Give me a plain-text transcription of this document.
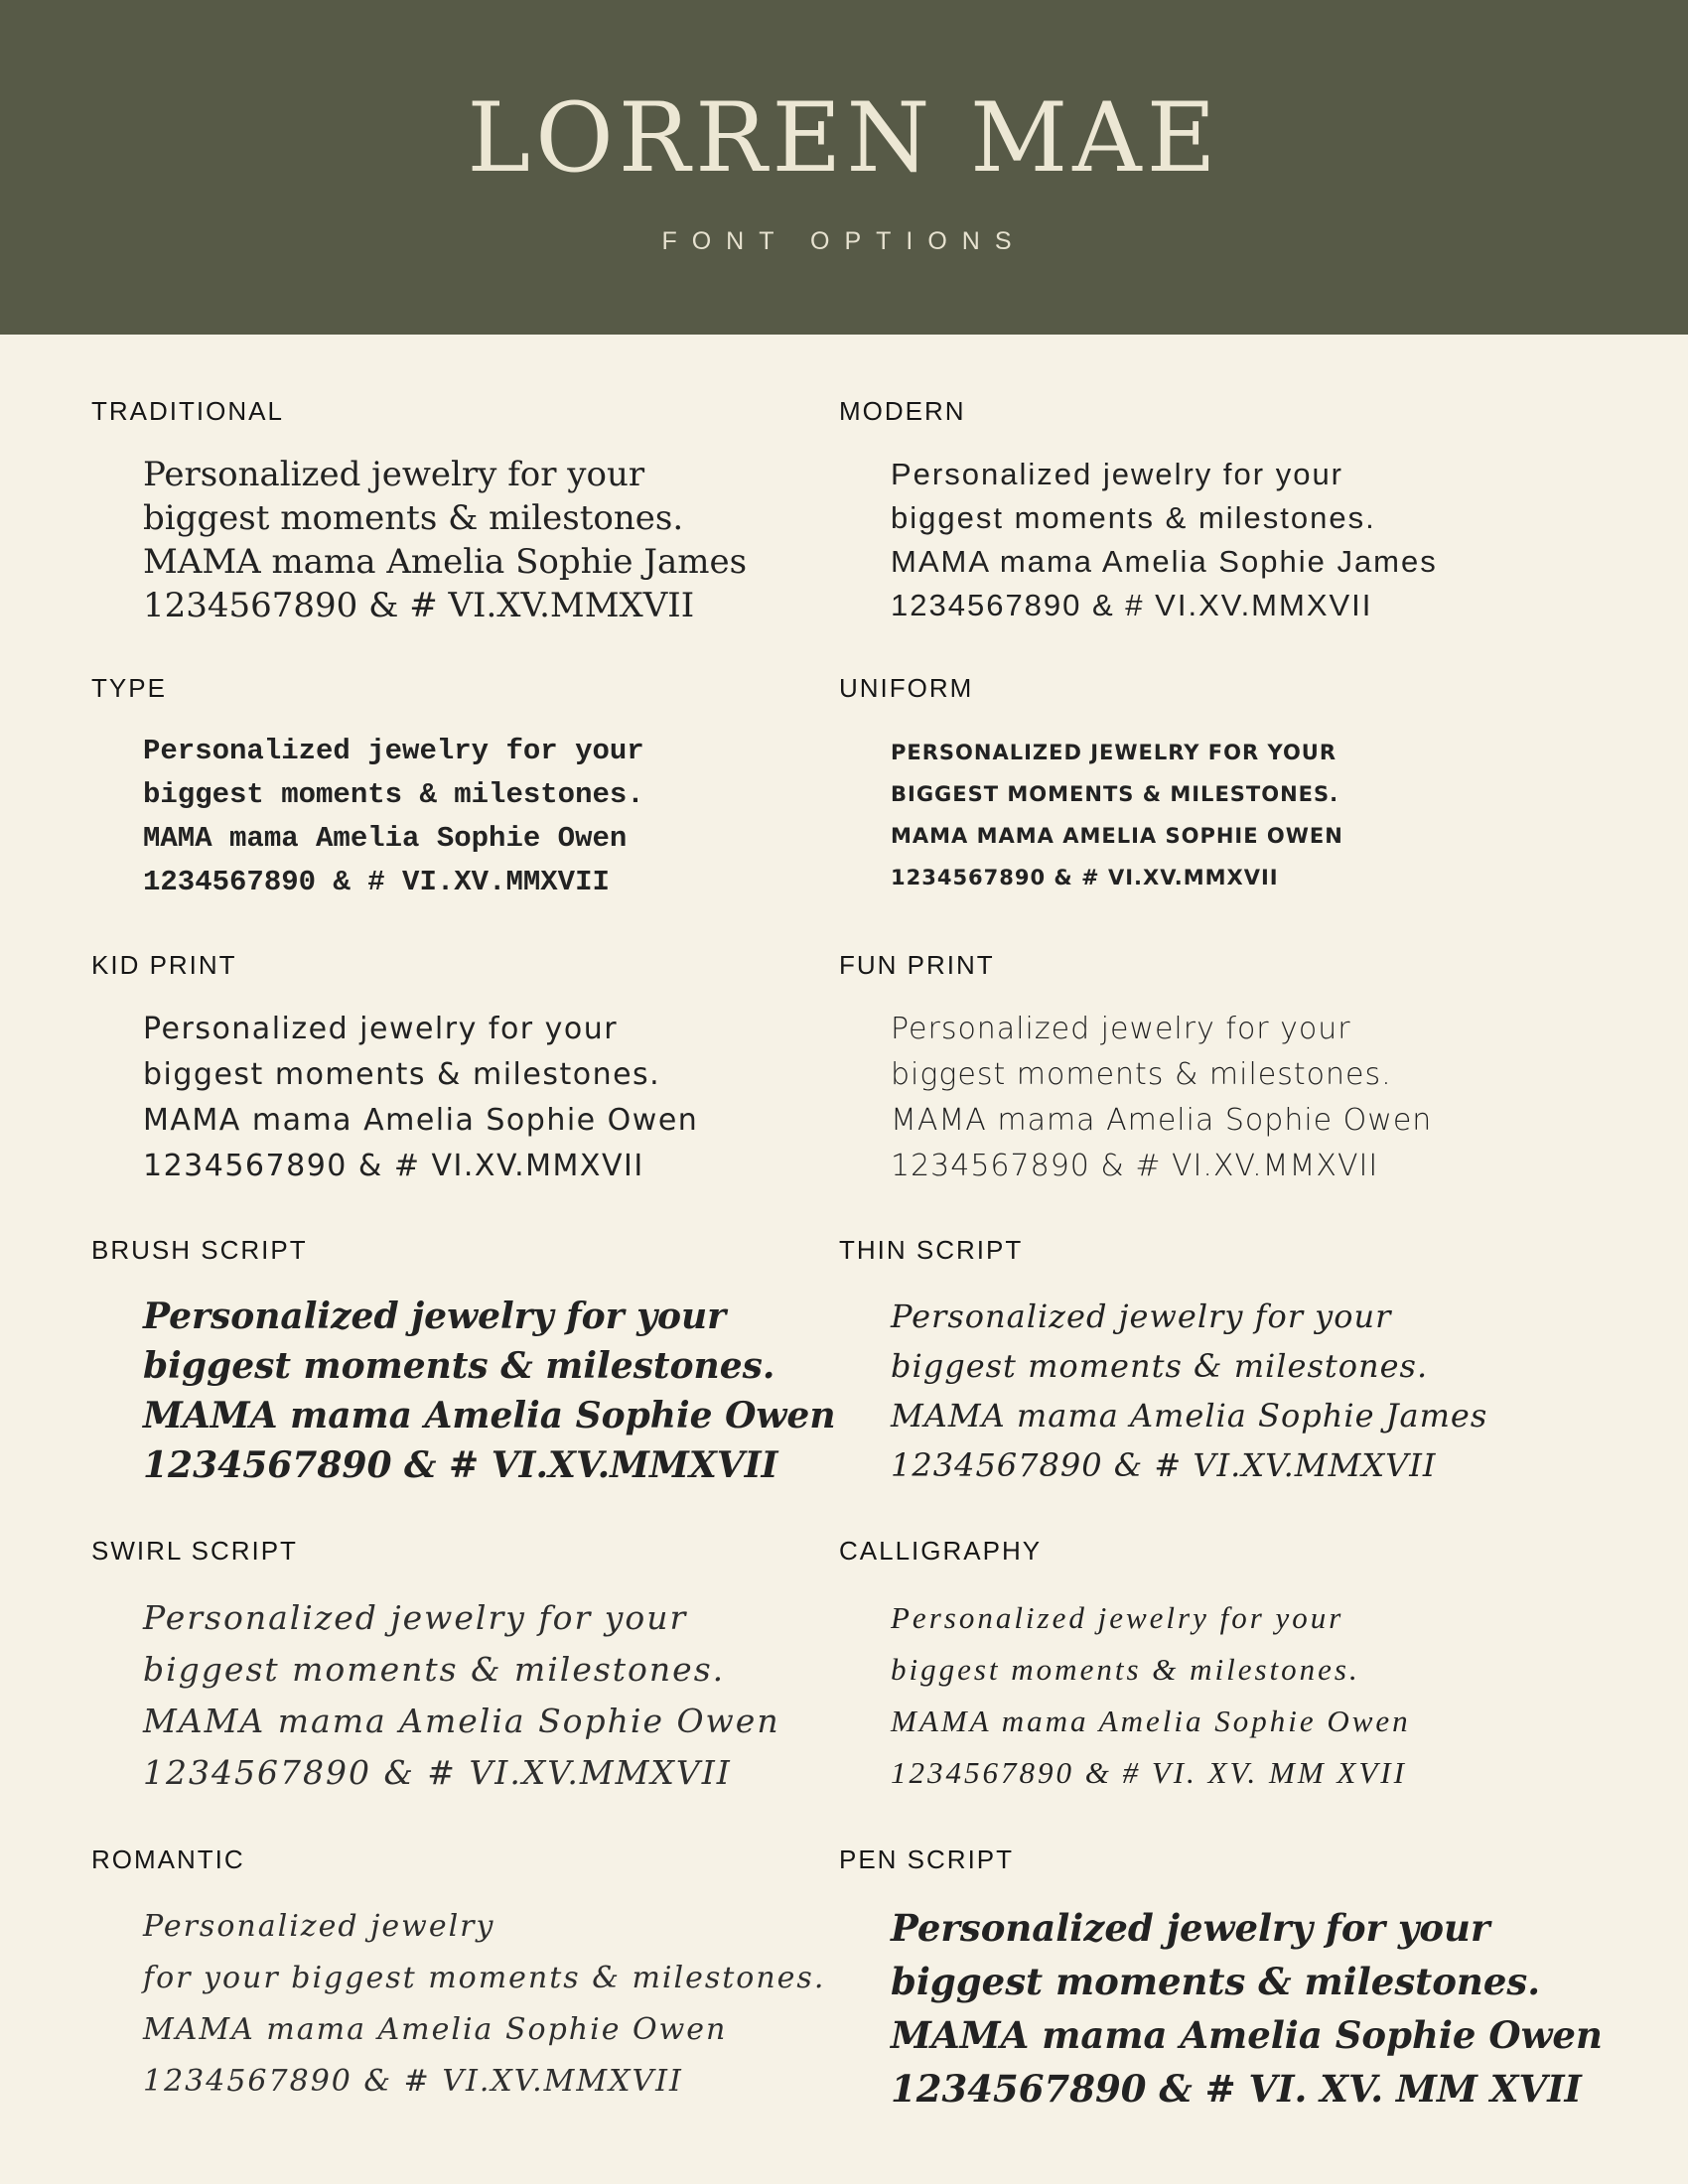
LORREN MAE
FONT OPTIONS
TRADITIONAL
Personalized jewelry for your
biggest moments & milestones.
MAMA mama Amelia Sophie James
1234567890 & # VI.XV.MMXVII
MODERN
Personalized jewelry for your
biggest moments & milestones.
MAMA mama Amelia Sophie James
1234567890 & # VI.XV.MMXVII
TYPE
Personalized jewelry for your
biggest moments & milestones.
MAMA mama Amelia Sophie Owen
1234567890 & # VI.XV.MMXVII
UNIFORM
Personalized jewelry for your
biggest moments & milestones.
MAMA mama Amelia Sophie Owen
1234567890 & # VI.XV.MMXVII
KID PRINT
Personalized jewelry for your
biggest moments & milestones.
MAMA mama Amelia Sophie Owen
1234567890 & # VI.XV.MMXVII
FUN PRINT
Personalized jewelry for your
biggest moments & milestones.
MAMA mama Amelia Sophie Owen
1234567890 & # VI.XV.MMXVII
BRUSH SCRIPT
Personalized jewelry for your
biggest moments & milestones.
MAMA mama Amelia Sophie Owen
1234567890 & # VI.XV.MMXVII
THIN SCRIPT
Personalized jewelry for your
biggest moments & milestones.
MAMA mama Amelia Sophie James
1234567890 & # VI.XV.MMXVII
SWIRL SCRIPT
Personalized jewelry for your
biggest moments & milestones.
MAMA mama Amelia Sophie Owen
1234567890 & # VI.XV.MMXVII
CALLIGRAPHY
Personalized jewelry for your
biggest moments & milestones.
MAMA mama Amelia Sophie Owen
1234567890 & # VI. XV. MM XVII
ROMANTIC
Personalized jewelry
for your biggest moments & milestones.
MAMA mama Amelia Sophie Owen
1234567890 & # VI.XV.MMXVII
PEN SCRIPT
Personalized jewelry for your
biggest moments & milestones.
MAMA mama Amelia Sophie Owen
1234567890 & # VI. XV. MM XVII
